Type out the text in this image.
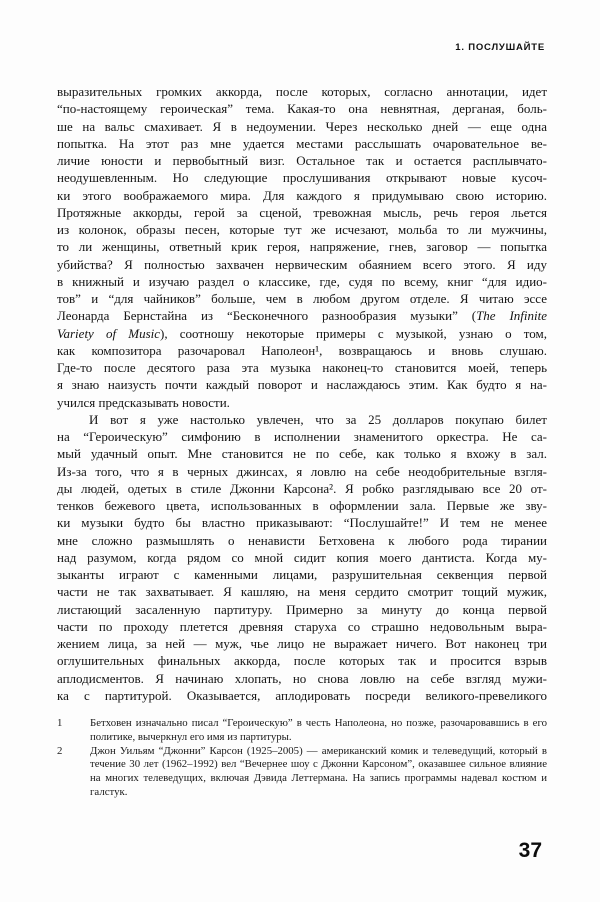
1. ПОСЛУШАЙТЕ
выразительных громких аккорда, после которых, согласно аннотации, идет
“по-настоящему героическая” тема. Какая-то она невнятная, дерганая, боль-
ше на вальс смахивает. Я в недоумении. Через несколько дней — еще одна
попытка. На этот раз мне удается местами расслышать очаровательное ве-
личие юности и первобытный визг. Остальное так и остается расплывчато-
неодушевленным. Но следующие прослушивания открывают новые кусоч-
ки этого воображаемого мира. Для каждого я придумываю свою историю.
Протяжные аккорды, герой за сценой, тревожная мысль, речь героя льется
из колонок, образы песен, которые тут же исчезают, мольба то ли мужчины,
то ли женщины, ответный крик героя, напряжение, гнев, заговор — попытка
убийства? Я полностью захвачен нервическим обаянием всего этого. Я иду
в книжный и изучаю раздел о классике, где, судя по всему, книг “для идио-
тов” и “для чайников” больше, чем в любом другом отделе. Я читаю эссе
Леонарда Бернстайна из “Бесконечного разнообразия музыки” (The Infinite
Variety of Music), соотношу некоторые примеры с музыкой, узнаю о том,
как композитора разочаровал Наполеон¹, возвращаюсь и вновь слушаю.
Где-то после десятого раза эта музыка наконец-то становится моей, теперь
я знаю наизусть почти каждый поворот и наслаждаюсь этим. Как будто я на-
учился предсказывать новости.
И вот я уже настолько увлечен, что за 25 долларов покупаю билет
на “Героическую” симфонию в исполнении знаменитого оркестра. Не са-
мый удачный опыт. Мне становится не по себе, как только я вхожу в зал.
Из-за того, что я в черных джинсах, я ловлю на себе неодобрительные взгля-
ды людей, одетых в стиле Джонни Карсона². Я робко разглядываю все 20 от-
тенков бежевого цвета, использованных в оформлении зала. Первые же зву-
ки музыки будто бы властно приказывают: “Послушайте!” И тем не менее
мне сложно размышлять о ненависти Бетховена к любого рода тирании
над разумом, когда рядом со мной сидит копия моего дантиста. Когда му-
зыканты играют с каменными лицами, разрушительная секвенция первой
части не так захватывает. Я кашляю, на меня сердито смотрит тощий мужик,
листающий засаленную партитуру. Примерно за минуту до конца первой
части по проходу плетется древняя старуха со страшно недовольным выра-
жением лица, за ней — муж, чье лицо не выражает ничего. Вот наконец три
оглушительных финальных аккорда, после которых так и просится взрыв
аплодисментов. Я начинаю хлопать, но снова ловлю на себе взгляд мужи-
ка с партитурой. Оказывается, аплодировать посреди великого-превеликого
1	Бетховен изначально писал “Героическую” в честь Наполеона, но позже, разочаровавшись в его политике, вычеркнул его имя из партитуры.
2	Джон Уильям “Джонни” Карсон (1925–2005) — американский комик и телеведущий, который в течение 30 лет (1962–1992) вел “Вечернее шоу с Джонни Карсоном”, оказавшее сильное влияние на многих телеведущих, включая Дэвида Леттермана. На запись программы надевал костюм и галстук.
37
